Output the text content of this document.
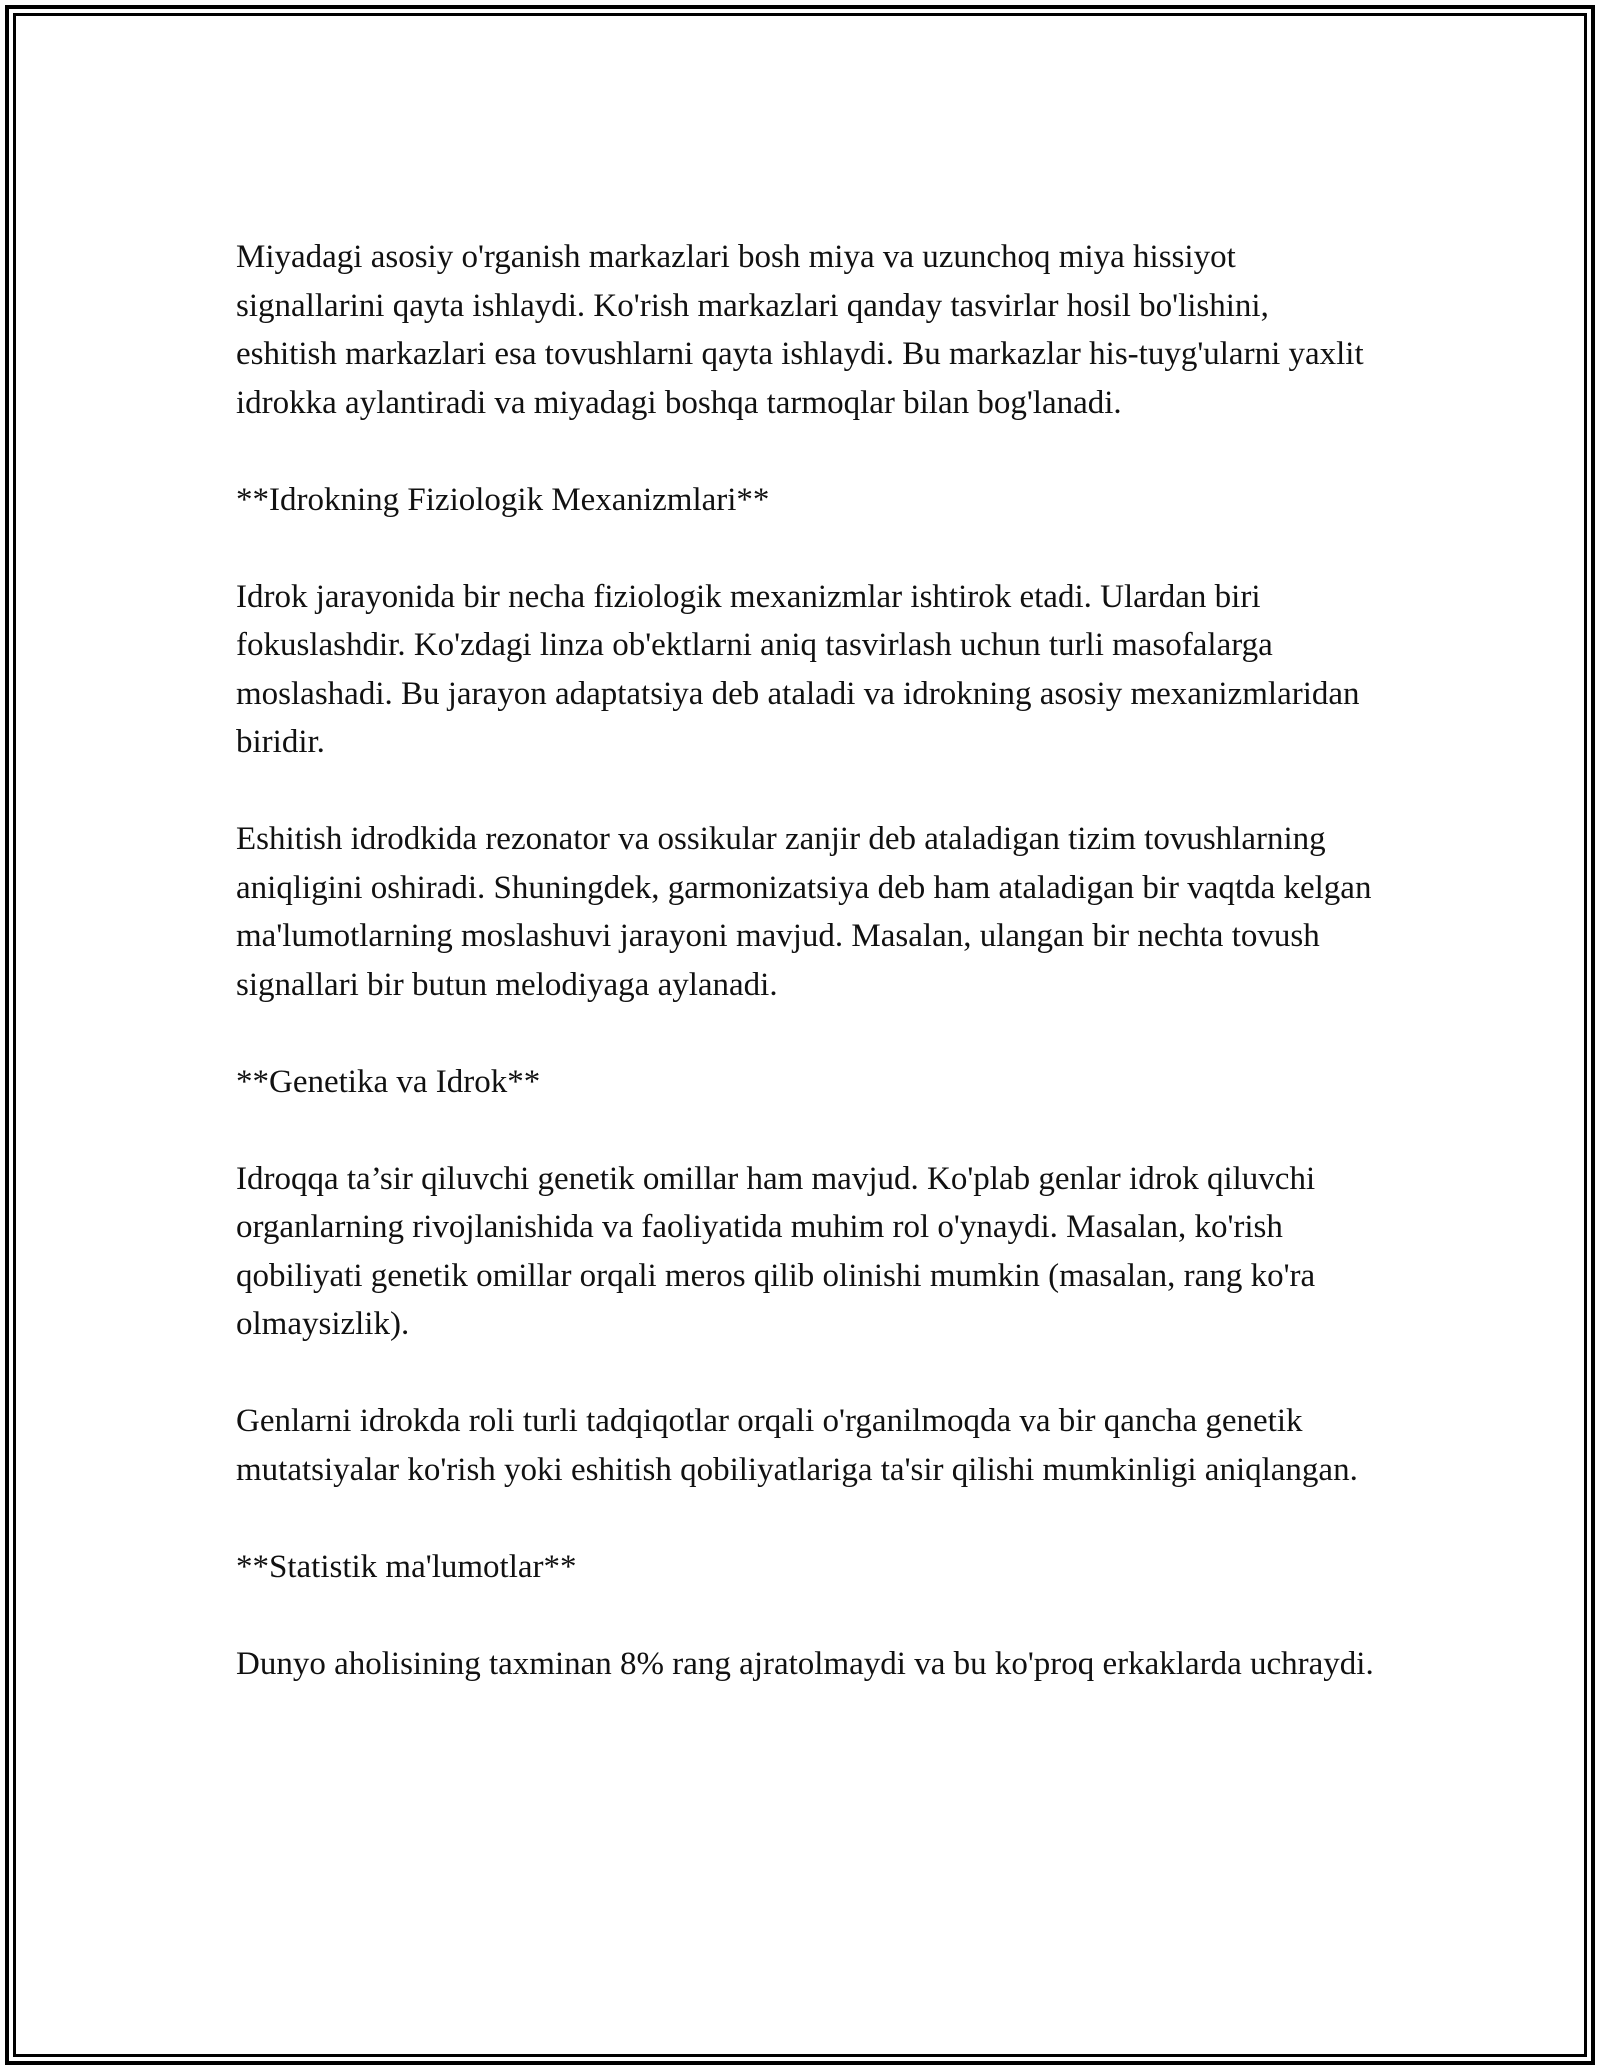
Miyadagi asosiy o'rganish markazlari bosh miya va uzunchoq miya hissiyot signallarini qayta ishlaydi. Ko'rish markazlari qanday tasvirlar hosil bo'lishini, eshitish markazlari esa tovushlarni qayta ishlaydi. Bu markazlar his-tuyg'ularni yaxlit idrokka aylantiradi va miyadagi boshqa tarmoqlar bilan bog'lanadi.

**Idrokning Fiziologik Mexanizmlari**

Idrok jarayonida bir necha fiziologik mexanizmlar ishtirok etadi. Ulardan biri fokuslashdir. Ko'zdagi linza ob'ektlarni aniq tasvirlash uchun turli masofalarga moslashadi. Bu jarayon adaptatsiya deb ataladi va idrokning asosiy mexanizmlaridan biridir.

Eshitish idrodkida rezonator va ossikular zanjir deb ataladigan tizim tovushlarning aniqligini oshiradi. Shuningdek, garmonizatsiya deb ham ataladigan bir vaqtda kelgan ma'lumotlarning moslashuvi jarayoni mavjud. Masalan, ulangan bir nechta tovush signallari bir butun melodiyaga aylanadi.

**Genetika va Idrok**

Idroqqa ta’sir qiluvchi genetik omillar ham mavjud. Ko'plab genlar idrok qiluvchi organlarning rivojlanishida va faoliyatida muhim rol o'ynaydi. Masalan, ko'rish qobiliyati genetik omillar orqali meros qilib olinishi mumkin (masalan, rang ko'ra olmaysizlik).

Genlarni idrokda roli turli tadqiqotlar orqali o'rganilmoqda va bir qancha genetik mutatsiyalar ko'rish yoki eshitish qobiliyatlariga ta'sir qilishi mumkinligi aniqlangan.

**Statistik ma'lumotlar**

Dunyo aholisining taxminan 8% rang ajratolmaydi va bu ko'proq erkaklarda uchraydi.
